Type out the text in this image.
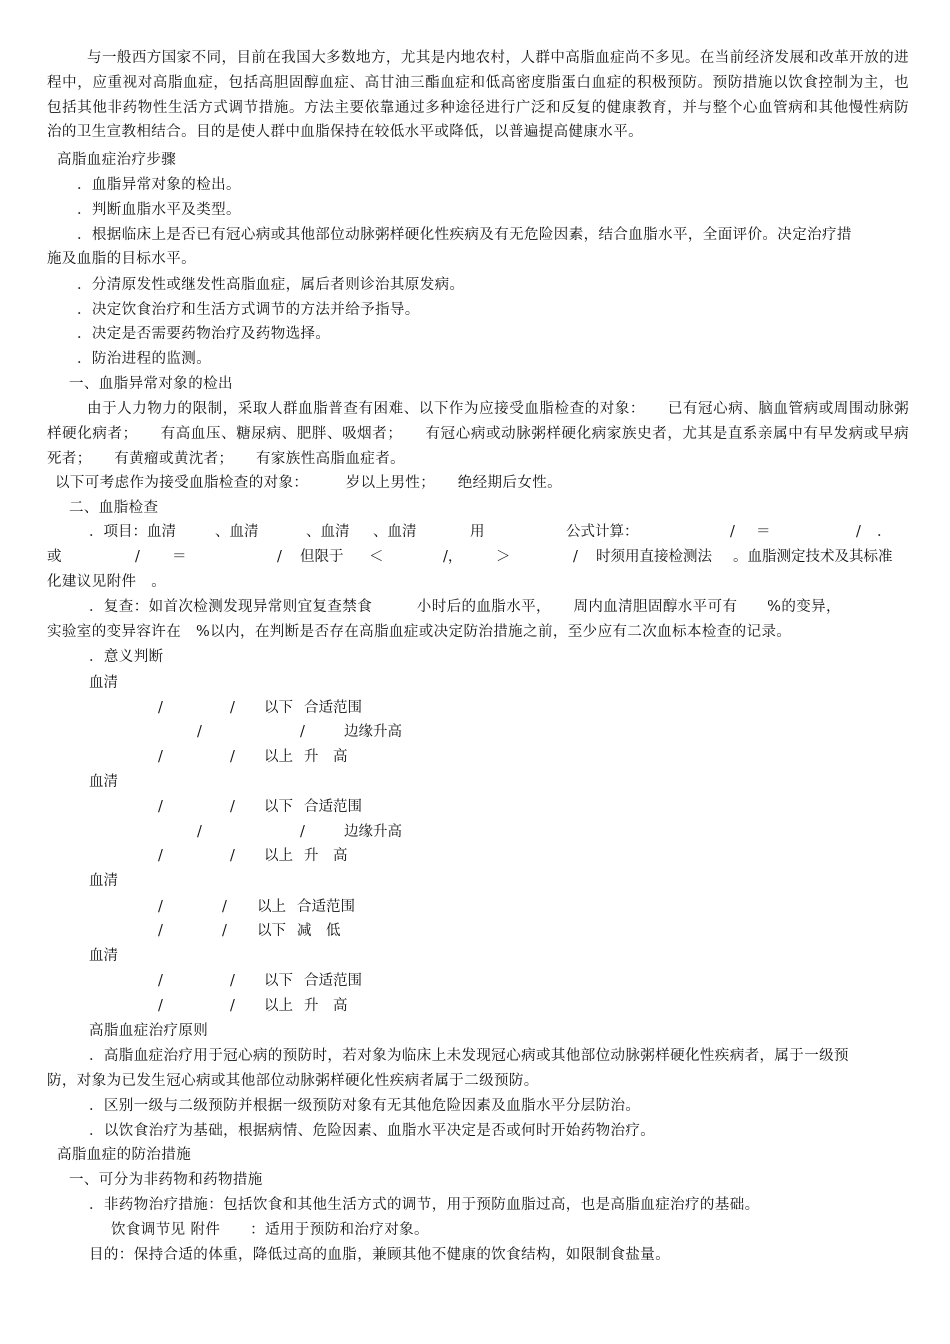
与一般西方国家不同，目前在我国大多数地方，尤其是内地农村，人群中高脂血症尚不多见。在当前经济发展和改革开放的进程中，应重视对高脂血症，包括高胆固醇血症、高甘油三酯血症和低高密度脂蛋白血症的积极预防。预防措施以饮食控制为主，也包括其他非药物性生活方式调节措施。方法主要依靠通过多种途径进行广泛和反复的健康教育，并与整个心血管病和其他慢性病防治的卫生宣教相结合。目的是使人群中血脂保持在较低水平或降低，以普遍提高健康水平。

高脂血症治疗步骤
．血脂异常对象的检出。
．判断血脂水平及类型。
．根据临床上是否已有冠心病或其他部位动脉粥样硬化性疾病及有无危险因素，结合血脂水平，全面评价。决定治疗措
施及血脂的目标水平。
．分清原发性或继发性高脂血症，属后者则诊治其原发病。
．决定饮食治疗和生活方式调节的方法并给予指导。
．决定是否需要药物治疗及药物选择。
．防治进程的监测。
一、血脂异常对象的检出

由于人力物力的限制，采取人群血脂普查有困难、以下作为应接受血脂检查的对象：　　已有冠心病、脑血管病或周围动脉粥样硬化病者；　　有高血压、糖尿病、肥胖、吸烟者；　　有冠心病或动脉粥样硬化病家族史者，尤其是直系亲属中有早发病或早病死者；　　有黄瘤或黄沈者；　　有家族性高脂血症者。

以下可考虑作为接受血脂检查的对象：　　　岁以上男性；　　绝经期后女性。
二、血脂检查
．项目：血清	、血清	、血清 、血清	用	公式计算：	/ ＝	/ ．
或	/ ＝	/ 但限于 ＜	/， ＞	/ 时须用直接检测法 。血脂测定技术及其标准
化建议见附件　。
．复查：如首次检测发现异常则宜复查禁食　　　小时后的血脂水平，　　周内血清胆固醇水平可有　　%的变异，
实验室的变异容许在　%以内，在判断是否存在高脂血症或决定防治措施之前，至少应有二次血标本检查的记录。
．意义判断
血清
/	/ 以下 合适范围
/	/	边缘升高
/	/ 以上 升　高
血清
/	/ 以下 合适范围
/	/	边缘升高
/	/ 以上 升　高
血清
/	/ 以上 合适范围
/	/ 以下 减　低
血清
/	/ 以下 合适范围
/	/ 以上 升　高
高脂血症治疗原则
．高脂血症治疗用于冠心病的预防时，若对象为临床上未发现冠心病或其他部位动脉粥样硬化性疾病者，属于一级预
防，对象为已发生冠心病或其他部位动脉粥样硬化性疾病者属于二级预防。
．区别一级与二级预防并根据一级预防对象有无其他危险因素及血脂水平分层防治。
．以饮食治疗为基础，根据病情、危险因素、血脂水平决定是否或何时开始药物治疗。
高脂血症的防治措施
一、可分为非药物和药物措施
．非药物治疗措施：包括饮食和其他生活方式的调节，用于预防血脂过高，也是高脂血症治疗的基础。
饮食调节见 附件　　：适用于预防和治疗对象。
目的：保持合适的体重，降低过高的血脂，兼顾其他不健康的饮食结构，如限制食盐量。
